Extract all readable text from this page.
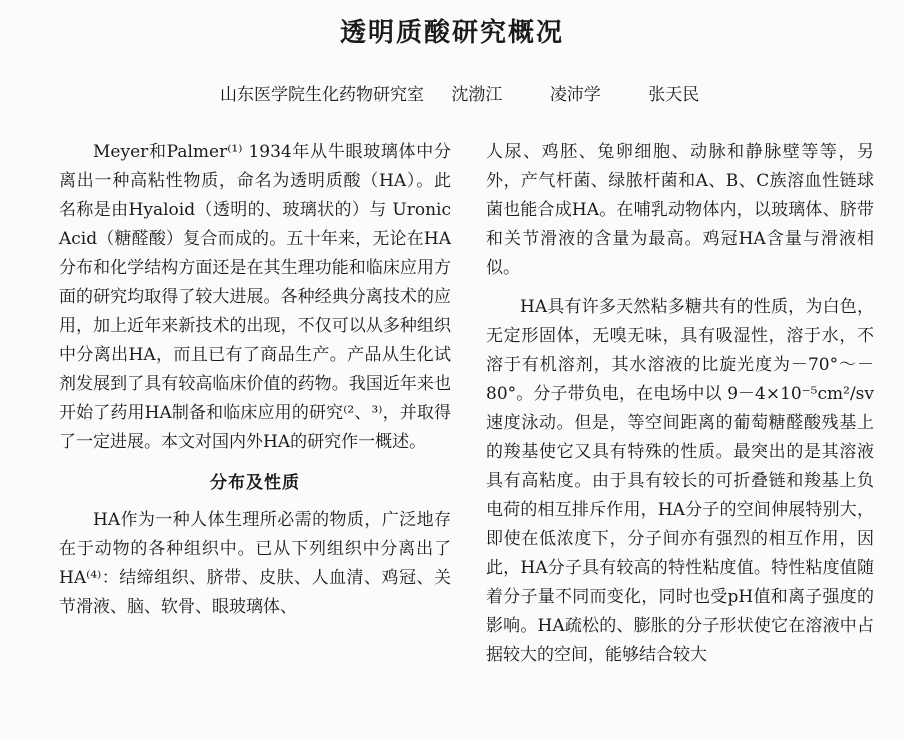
透明质酸研究概况
山东医学院生化药物研究室 沈渤江	凌沛学	张天民

Meyer和Palmer⁽¹⁾ 1934年从牛眼玻璃体中分离出一种高粘性物质，命名为透明质酸（HA）。此名称是由Hyaloid（透明的、玻璃状的）与 Uronic Acid（糖醛酸）复合而成的。五十年来，无论在HA分布和化学结构方面还是在其生理功能和临床应用方面的研究均取得了较大进展。各种经典分离技术的应用，加上近年来新技术的出现，不仅可以从多种组织中分离出HA，而且已有了商品生产。产品从生化试剂发展到了具有较高临床价值的药物。我国近年来也开始了药用HA制备和临床应用的研究⁽²、³⁾，并取得了一定进展。本文对国内外HA的研究作一概述。

分布及性质

HA作为一种人体生理所必需的物质，广泛地存在于动物的各种组织中。已从下列组织中分离出了HA⁽⁴⁾：结缔组织、脐带、皮肤、人血清、鸡冠、关节滑液、脑、软骨、眼玻璃体、

人尿、鸡胚、兔卵细胞、动脉和静脉壁等等，另外，产气杆菌、绿脓杆菌和A、B、C族溶血性链球菌也能合成HA。在哺乳动物体内，以玻璃体、脐带和关节滑液的含量为最高。鸡冠HA含量与滑液相似。

HA具有许多天然粘多糖共有的性质，为白色，无定形固体，无嗅无味，具有吸湿性，溶于水，不溶于有机溶剂，其水溶液的比旋光度为－70°～－80°。分子带负电，在电场中以 9－4×10⁻⁵cm²/sv速度泳动。但是，等空间距离的葡萄糖醛酸残基上的羧基使它又具有特殊的性质。最突出的是其溶液具有高粘度。由于具有较长的可折叠链和羧基上负电荷的相互排斥作用，HA分子的空间伸展特别大，即使在低浓度下，分子间亦有强烈的相互作用，因此，HA分子具有较高的特性粘度值。特性粘度值随着分子量不同而变化，同时也受pH值和离子强度的影响。HA疏松的、膨胀的分子形状使它在溶液中占据较大的空间，能够结合较大
